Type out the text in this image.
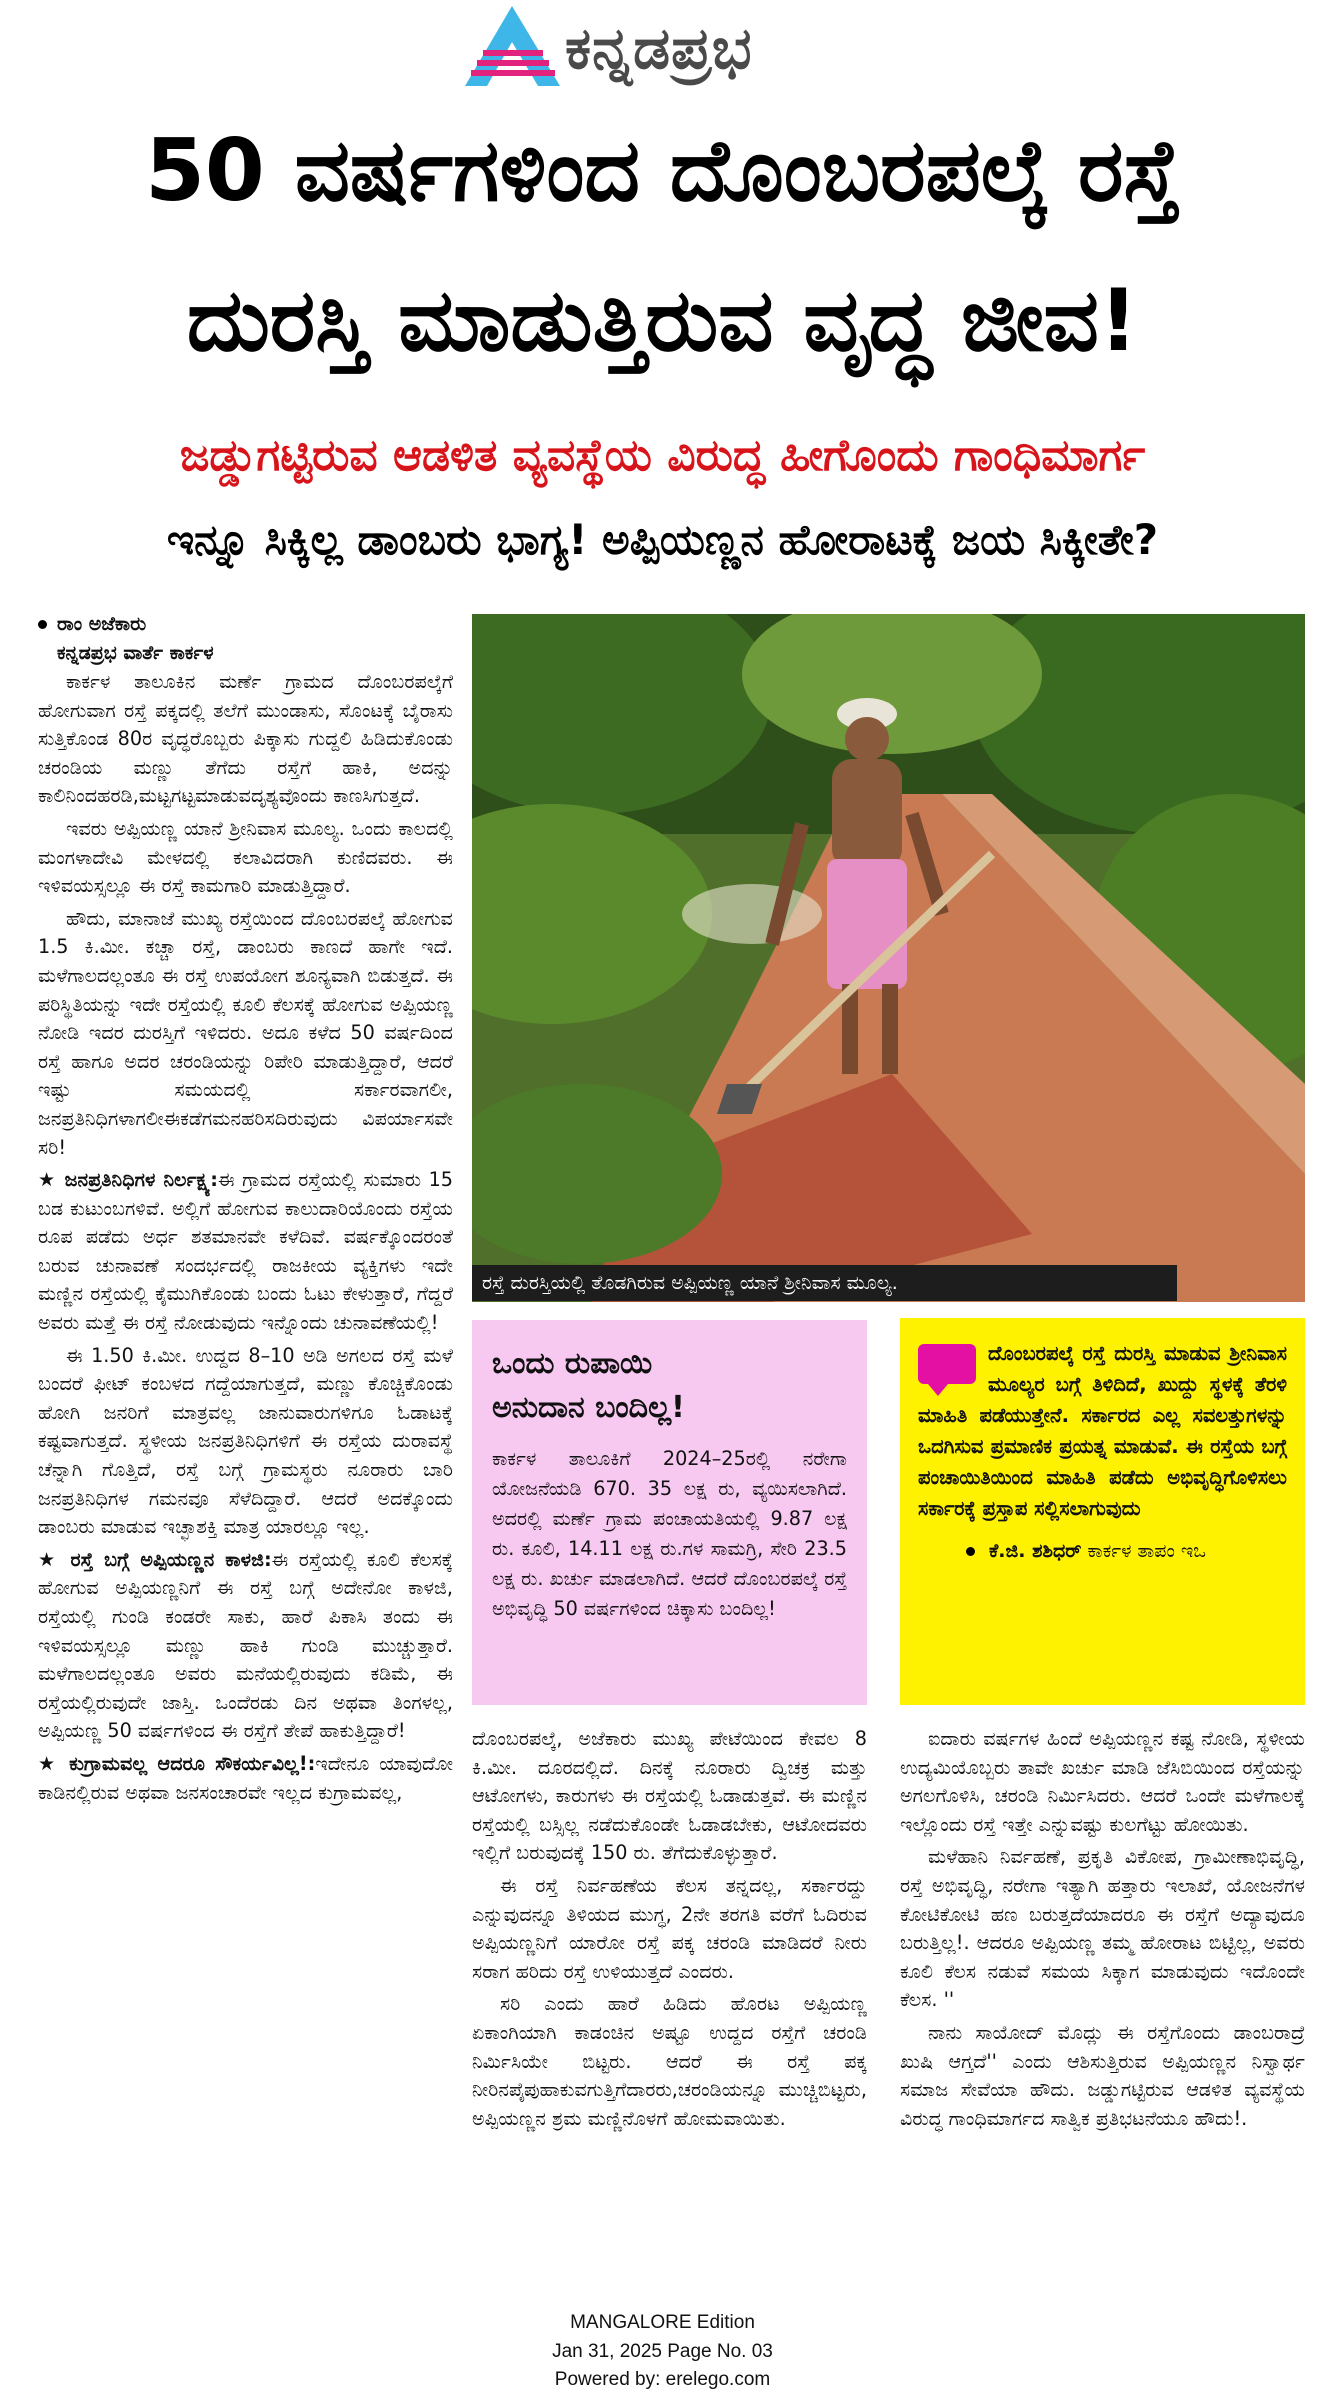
ಕನ್ನಡಪ್ರಭ
50 ವರ್ಷಗಳಿಂದ ದೊಂಬರಪಲ್ಕೆ ರಸ್ತೆ
ದುರಸ್ತಿ ಮಾಡುತ್ತಿರುವ ವೃದ್ಧ ಜೀವ!
ಜಡ್ಡುಗಟ್ಟಿರುವ ಆಡಳಿತ ವ್ಯವಸ್ಥೆಯ ವಿರುದ್ಧ ಹೀಗೊಂದು ಗಾಂಧಿಮಾರ್ಗ
ಇನ್ನೂ ಸಿಕ್ಕಿಲ್ಲ ಡಾಂಬರು ಭಾಗ್ಯ! ಅಪ್ಪಿಯಣ್ಣನ ಹೋರಾಟಕ್ಕೆ ಜಯ ಸಿಕ್ಕೀತೇ?
ರಾಂ ಅಜೆಕಾರು
ಕನ್ನಡಪ್ರಭ ವಾರ್ತೆ ಕಾರ್ಕಳ

ಕಾರ್ಕಳ ತಾಲೂಕಿನ ಮರ್ಣೆ ಗ್ರಾಮದ ದೊಂಬರಪಲ್ಕೆಗೆ ಹೋಗುವಾಗ ರಸ್ತೆ ಪಕ್ಕದಲ್ಲಿ ತಲೆಗೆ ಮುಂಡಾಸು, ಸೊಂಟಕ್ಕೆ ಬೈರಾಸು ಸುತ್ತಿಕೊಂಡ 80ರ ವೃದ್ಧರೊಬ್ಬರು ಪಿಕ್ಕಾಸು ಗುದ್ದಲಿ ಹಿಡಿದುಕೊಂಡು ಚರಂಡಿಯ ಮಣ್ಣು ತೆಗೆದು ರಸ್ತೆಗೆ ಹಾಕಿ, ಅದನ್ನು ಕಾಲಿನಿಂದಹರಡಿ,ಮಟ್ಟಗಟ್ಟಮಾಡುವದೃಶ್ಯವೊಂದು ಕಾಣಸಿಗುತ್ತದೆ.

ಇವರು ಅಪ್ಪಿಯಣ್ಣ ಯಾನೆ ಶ್ರೀನಿವಾಸ ಮೂಲ್ಯ. ಒಂದು ಕಾಲದಲ್ಲಿ ಮಂಗಳಾದೇವಿ ಮೇಳದಲ್ಲಿ ಕಲಾವಿದರಾಗಿ ಕುಣಿದವರು. ಈ ಇಳಿವಯಸ್ಸಲ್ಲೂ ಈ ರಸ್ತೆ ಕಾಮಗಾರಿ ಮಾಡುತ್ತಿದ್ದಾರೆ.

ಹೌದು, ಮಾನಾಜೆ ಮುಖ್ಯ ರಸ್ತೆಯಿಂದ ದೊಂಬರಪಲ್ಕೆ ಹೋಗುವ 1.5 ಕಿ.ಮೀ. ಕಚ್ಚಾ ರಸ್ತೆ, ಡಾಂಬರು ಕಾಣದೆ ಹಾಗೇ ಇದೆ. ಮಳೆಗಾಲದಲ್ಲಂತೂ ಈ ರಸ್ತೆ ಉಪಯೋಗ ಶೂನ್ಯವಾಗಿ ಬಿಡುತ್ತದೆ. ಈ ಪರಿಸ್ಥಿತಿಯನ್ನು ಇದೇ ರಸ್ತೆಯಲ್ಲಿ ಕೂಲಿ ಕೆಲಸಕ್ಕೆ ಹೋಗುವ ಅಪ್ಪಿಯಣ್ಣ ನೋಡಿ ಇದರ ದುರಸ್ತಿಗೆ ಇಳಿದರು. ಅದೂ ಕಳೆದ 50 ವರ್ಷದಿಂದ ರಸ್ತೆ ಹಾಗೂ ಅದರ ಚರಂಡಿಯನ್ನು ರಿಪೇರಿ ಮಾಡುತ್ತಿದ್ದಾರೆ, ಆದರೆ ಇಷ್ಟು ಸಮಯದಲ್ಲಿ ಸರ್ಕಾರವಾಗಲೀ, ಜನಪ್ರತಿನಿಧಿಗಳಾಗಲೀಈಕಡೆಗಮನಹರಿಸದಿರುವುದು ವಿಪರ್ಯಾಸವೇ ಸರಿ!

★ ಜನಪ್ರತಿನಿಧಿಗಳ ನಿರ್ಲಕ್ಷ್ಯ:ಈ ಗ್ರಾಮದ ರಸ್ತೆಯಲ್ಲಿ ಸುಮಾರು 15 ಬಡ ಕುಟುಂಬಗಳಿವೆ. ಅಲ್ಲಿಗೆ ಹೋಗುವ ಕಾಲುದಾರಿಯೊಂದು ರಸ್ತೆಯ ರೂಪ ಪಡೆದು ಅರ್ಧ ಶತಮಾನವೇ ಕಳೆದಿವೆ. ವರ್ಷಕ್ಕೊಂದರಂತೆ ಬರುವ ಚುನಾವಣೆ ಸಂದರ್ಭದಲ್ಲಿ ರಾಜಕೀಯ ವ್ಯಕ್ತಿಗಳು ಇದೇ ಮಣ್ಣಿನ ರಸ್ತೆಯಲ್ಲಿ ಕೈಮುಗಿಕೊಂಡು ಬಂದು ಓಟು ಕೇಳುತ್ತಾರೆ, ಗೆದ್ದರೆ ಅವರು ಮತ್ತೆ ಈ ರಸ್ತೆ ನೋಡುವುದು ಇನ್ನೊಂದು ಚುನಾವಣೆಯಲ್ಲಿ!

ಈ 1.50 ಕಿ.ಮೀ. ಉದ್ದದ 8–10 ಅಡಿ ಅಗಲದ ರಸ್ತೆ ಮಳೆ ಬಂದರೆ ಫೀಟ್ ಕಂಬಳದ ಗದ್ದೆಯಾಗುತ್ತದೆ, ಮಣ್ಣು ಕೊಚ್ಚಿಕೊಂಡು ಹೋಗಿ ಜನರಿಗೆ ಮಾತ್ರವಲ್ಲ ಜಾನುವಾರುಗಳಿಗೂ ಓಡಾಟಕ್ಕೆ ಕಷ್ಟವಾಗುತ್ತದೆ. ಸ್ಥಳೀಯ ಜನಪ್ರತಿನಿಧಿಗಳಿಗೆ ಈ ರಸ್ತೆಯ ದುರಾವಸ್ಥೆ ಚೆನ್ನಾಗಿ ಗೊತ್ತಿದೆ, ರಸ್ತೆ ಬಗ್ಗೆ ಗ್ರಾಮಸ್ಥರು ನೂರಾರು ಬಾರಿ ಜನಪ್ರತಿನಿಧಿಗಳ ಗಮನವೂ ಸೆಳೆದಿದ್ದಾರೆ. ಆದರೆ ಅದಕ್ಕೊಂದು ಡಾಂಬರು ಮಾಡುವ ಇಚ್ಛಾಶಕ್ತಿ ಮಾತ್ರ ಯಾರಲ್ಲೂ ಇಲ್ಲ.

★ ರಸ್ತೆ ಬಗ್ಗೆ ಅಪ್ಪಿಯಣ್ಣನ ಕಾಳಜಿ:ಈ ರಸ್ತೆಯಲ್ಲಿ ಕೂಲಿ ಕೆಲಸಕ್ಕೆ ಹೋಗುವ ಅಪ್ಪಿಯಣ್ಣನಿಗೆ ಈ ರಸ್ತೆ ಬಗ್ಗೆ ಅದೇನೋ ಕಾಳಜಿ, ರಸ್ತೆಯಲ್ಲಿ ಗುಂಡಿ ಕಂಡರೇ ಸಾಕು, ಹಾರೆ ಪಿಕಾಸಿ ತಂದು ಈ ಇಳಿವಯಸ್ಸಲ್ಲೂ ಮಣ್ಣು ಹಾಕಿ ಗುಂಡಿ ಮುಚ್ಚುತ್ತಾರೆ. ಮಳೆಗಾಲದಲ್ಲಂತೂ ಅವರು ಮನೆಯಲ್ಲಿರುವುದು ಕಡಿಮೆ, ಈ ರಸ್ತೆಯಲ್ಲಿರುವುದೇ ಜಾಸ್ತಿ. ಒಂದೆರಡು ದಿನ ಅಥವಾ ತಿಂಗಳಲ್ಲ, ಅಪ್ಪಿಯಣ್ಣ 50 ವರ್ಷಗಳಿಂದ ಈ ರಸ್ತೆಗೆ ತೇಪೆ ಹಾಕುತ್ತಿದ್ದಾರೆ!

★ ಕುಗ್ರಾಮವಲ್ಲ ಆದರೂ ಸೌಕರ್ಯವಿಲ್ಲ!:ಇದೇನೂ ಯಾವುದೋ ಕಾಡಿನಲ್ಲಿರುವ ಅಥವಾ ಜನಸಂಚಾರವೇ ಇಲ್ಲದ ಕುಗ್ರಾಮವಲ್ಲ,

ರಸ್ತೆ ದುರಸ್ತಿಯಲ್ಲಿ ತೊಡಗಿರುವ ಅಪ್ಪಿಯಣ್ಣ ಯಾನೆ ಶ್ರೀನಿವಾಸ ಮೂಲ್ಯ.
ಒಂದು ರುಪಾಯಿ
ಅನುದಾನ ಬಂದಿಲ್ಲ!
ಕಾರ್ಕಳ ತಾಲೂಕಿಗೆ 2024–25ರಲ್ಲಿ ನರೇಗಾ ಯೋಜನೆಯಡಿ 670. 35 ಲಕ್ಷ ರು, ವ್ಯಯಿಸಲಾಗಿದೆ. ಅದರಲ್ಲಿ ಮರ್ಣೆ ಗ್ರಾಮ ಪಂಚಾಯತಿಯಲ್ಲಿ 9.87 ಲಕ್ಷ ರು. ಕೂಲಿ, 14.11 ಲಕ್ಷ ರು.ಗಳ ಸಾಮಗ್ರಿ, ಸೇರಿ 23.5 ಲಕ್ಷ ರು. ಖರ್ಚು ಮಾಡಲಾಗಿದೆ. ಆದರೆ ದೊಂಬರಪಲ್ಕೆ ರಸ್ತೆ ಅಭಿವೃದ್ಧಿ 50 ವರ್ಷಗಳಿಂದ ಚಿಕ್ಕಾಸು ಬಂದಿಲ್ಲ!
ದೊಂಬರಪಲ್ಕೆ ರಸ್ತೆ ದುರಸ್ತಿ ಮಾಡುವ ಶ್ರೀನಿವಾಸ ಮೂಲ್ಯರ ಬಗ್ಗೆ ತಿಳಿದಿದೆ, ಖುದ್ದು ಸ್ಥಳಕ್ಕೆ ತೆರಳಿ ಮಾಹಿತಿ ಪಡೆಯುತ್ತೇನೆ. ಸರ್ಕಾರದ ಎಲ್ಲ ಸವಲತ್ತುಗಳನ್ನು ಒದಗಿಸುವ ಪ್ರಮಾಣಿಕ ಪ್ರಯತ್ನ ಮಾಡುವೆ. ಈ ರಸ್ತೆಯ ಬಗ್ಗೆ ಪಂಚಾಯಿತಿಯಿಂದ ಮಾಹಿತಿ ಪಡೆದು ಅಭಿವೃದ್ಧಿಗೊಳಿಸಲು ಸರ್ಕಾರಕ್ಕೆ ಪ್ರಸ್ತಾಪ ಸಲ್ಲಿಸಲಾಗುವುದು
ಕೆ.ಜಿ. ಶಶಿಧರ್ ಕಾರ್ಕಳ ತಾಪಂ ಇಒ

ದೊಂಬರಪಲ್ಕೆ, ಅಜೆಕಾರು ಮುಖ್ಯ ಪೇಟೆಯಿಂದ ಕೇವಲ 8 ಕಿ.ಮೀ. ದೂರದಲ್ಲಿದೆ. ದಿನಕ್ಕೆ ನೂರಾರು ದ್ವಿಚಕ್ರ ಮತ್ತು ಆಟೋಗಳು, ಕಾರುಗಳು ಈ ರಸ್ತೆಯಲ್ಲಿ ಓಡಾಡುತ್ತವೆ. ಈ ಮಣ್ಣಿನ ರಸ್ತೆಯಲ್ಲಿ ಬಸ್ಸಿಲ್ಲ ನಡೆದುಕೊಂಡೇ ಓಡಾಡಬೇಕು, ಆಟೋದವರು ಇಲ್ಲಿಗೆ ಬರುವುದಕ್ಕೆ 150 ರು. ತೆಗೆದುಕೊಳ್ಳುತ್ತಾರೆ.

ಈ ರಸ್ತೆ ನಿರ್ವಹಣೆಯ ಕೆಲಸ ತನ್ನದಲ್ಲ, ಸರ್ಕಾರದ್ದು ಎನ್ನುವುದನ್ನೂ ತಿಳಿಯದ ಮುಗ್ಧ, 2ನೇ ತರಗತಿ ವರೆಗೆ ಓದಿರುವ ಅಪ್ಪಿಯಣ್ಣನಿಗೆ ಯಾರೋ ರಸ್ತೆ ಪಕ್ಕ ಚರಂಡಿ ಮಾಡಿದರೆ ನೀರು ಸರಾಗ ಹರಿದು ರಸ್ತೆ ಉಳಿಯುತ್ತದೆ ಎಂದರು.

ಸರಿ ಎಂದು ಹಾರೆ ಹಿಡಿದು ಹೊರಟ ಅಪ್ಪಿಯಣ್ಣ ಏಕಾಂಗಿಯಾಗಿ ಕಾಡಂಚಿನ ಅಷ್ಟೂ ಉದ್ದದ ರಸ್ತೆಗೆ ಚರಂಡಿ ನಿರ್ಮಿಸಿಯೇ ಬಿಟ್ಟರು. ಆದರೆ ಈ ರಸ್ತೆ ಪಕ್ಕ ನೀರಿನಪೈಪುಹಾಕುವಗುತ್ತಿಗೆದಾರರು,ಚರಂಡಿಯನ್ನೂ ಮುಚ್ಚಿಬಿಟ್ಟರು, ಅಪ್ಪಿಯಣ್ಣನ ಶ್ರಮ ಮಣ್ಣಿನೊಳಗೆ ಹೋಮವಾಯಿತು.

ಐದಾರು ವರ್ಷಗಳ ಹಿಂದೆ ಅಪ್ಪಿಯಣ್ಣನ ಕಷ್ಟ ನೋಡಿ, ಸ್ಥಳೀಯ ಉದ್ಯಮಿಯೊಬ್ಬರು ತಾವೇ ಖರ್ಚು ಮಾಡಿ ಜೆಸಿಬಿಯಿಂದ ರಸ್ತೆಯನ್ನು ಅಗಲಗೊಳಿಸಿ, ಚರಂಡಿ ನಿರ್ಮಿಸಿದರು. ಆದರೆ ಒಂದೇ ಮಳೆಗಾಲಕ್ಕೆ ಇಲ್ಲೊಂದು ರಸ್ತೆ ಇತ್ತೇ ಎನ್ನುವಷ್ಟು ಕುಲಗೆಟ್ಟು ಹೋಯಿತು.

ಮಳೆಹಾನಿ ನಿರ್ವಹಣೆ, ಪ್ರಕೃತಿ ವಿಕೋಪ, ಗ್ರಾಮೀಣಾಭಿವೃದ್ಧಿ, ರಸ್ತೆ ಅಭಿವೃದ್ಧಿ, ನರೇಗಾ ಇತ್ಯಾಗಿ ಹತ್ತಾರು ಇಲಾಖೆ, ಯೋಜನೆಗಳ ಕೋಟಿಕೋಟಿ ಹಣ ಬರುತ್ತದೆಯಾದರೂ ಈ ರಸ್ತೆಗೆ ಅದ್ಯಾವುದೂ ಬರುತ್ತಿಲ್ಲ!. ಆದರೂ ಅಪ್ಪಿಯಣ್ಣ ತಮ್ಮ ಹೋರಾಟ ಬಿಟ್ಟಿಲ್ಲ, ಅವರು ಕೂಲಿ ಕೆಲಸ ನಡುವೆ ಸಮಯ ಸಿಕ್ಕಾಗ ಮಾಡುವುದು ಇದೊಂದೇ ಕೆಲಸ. ''

ನಾನು ಸಾಯೋದ್ ಮೊದ್ಲು ಈ ರಸ್ತೆಗೊಂದು ಡಾಂಬರಾದ್ರೆ ಖುಷಿ ಆಗ್ತದೆ'' ಎಂದು ಆಶಿಸುತ್ತಿರುವ ಅಪ್ಪಿಯಣ್ಣನ ನಿಸ್ವಾರ್ಥ ಸಮಾಜ ಸೇವೆಯಾ ಹೌದು. ಜಡ್ಡುಗಟ್ಟಿರುವ ಆಡಳಿತ ವ್ಯವಸ್ಥೆಯ ವಿರುದ್ಧ ಗಾಂಧಿಮಾರ್ಗದ ಸಾತ್ವಿಕ ಪ್ರತಿಭಟನೆಯೂ ಹೌದು!.

MANGALORE Edition
Jan 31, 2025 Page No. 03
Powered by: erelego.com
